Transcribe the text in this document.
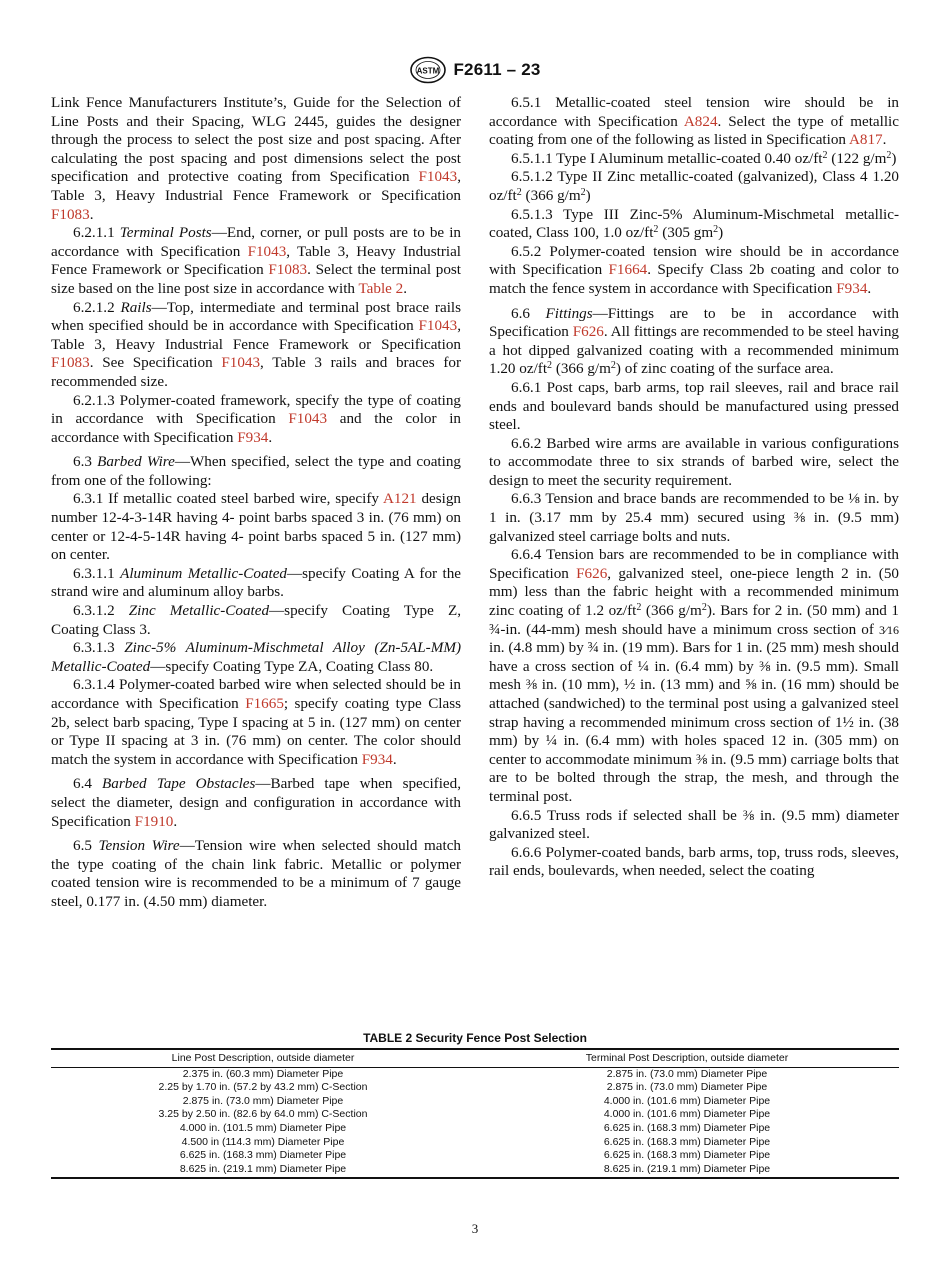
ASTM F2611 – 23

Link Fence Manufacturers Institute’s, Guide for the Selection of Line Posts and their Spacing, WLG 2445, guides the designer through the process to select the post size and post spacing. After calculating the post spacing and post dimensions select the post specification and protective coating from Specification F1043, Table 3, Heavy Industrial Fence Framework or Specification F1083.

6.2.1.1 Terminal Posts—End, corner, or pull posts are to be in accordance with Specification F1043, Table 3, Heavy Industrial Fence Framework or Specification F1083. Select the terminal post size based on the line post size in accordance with Table 2.

6.2.1.2 Rails—Top, intermediate and terminal post brace rails when specified should be in accordance with Specification F1043, Table 3, Heavy Industrial Fence Framework or Specification F1083. See Specification F1043, Table 3 rails and braces for recommended size.

6.2.1.3 Polymer-coated framework, specify the type of coating in accordance with Specification F1043 and the color in accordance with Specification F934.

6.3 Barbed Wire—When specified, select the type and coating from one of the following:

6.3.1 If metallic coated steel barbed wire, specify A121 design number 12-4-3-14R having 4- point barbs spaced 3 in. (76 mm) on center or 12-4-5-14R having 4- point barbs spaced 5 in. (127 mm) on center.

6.3.1.1 Aluminum Metallic-Coated—specify Coating A for the strand wire and aluminum alloy barbs.

6.3.1.2 Zinc Metallic-Coated—specify Coating Type Z, Coating Class 3.

6.3.1.3 Zinc-5% Aluminum-Mischmetal Alloy (Zn-5AL-MM) Metallic-Coated—specify Coating Type ZA, Coating Class 80.

6.3.1.4 Polymer-coated barbed wire when selected should be in accordance with Specification F1665; specify coating type Class 2b, select barb spacing, Type I spacing at 5 in. (127 mm) on center or Type II spacing at 3 in. (76 mm) on center. The color should match the system in accordance with Specification F934.

6.4 Barbed Tape Obstacles—Barbed tape when specified, select the diameter, design and configuration in accordance with Specification F1910.

6.5 Tension Wire—Tension wire when selected should match the type coating of the chain link fabric. Metallic or polymer coated tension wire is recommended to be a minimum of 7 gauge steel, 0.177 in. (4.50 mm) diameter.

6.5.1 Metallic-coated steel tension wire should be in accordance with Specification A824. Select the type of metallic coating from one of the following as listed in Specification A817.

6.5.1.1 Type I Aluminum metallic-coated 0.40 $oz/ft^2$ (122 $g/m^2$)

6.5.1.2 Type II Zinc metallic-coated (galvanized), Class 4 1.20 $oz/ft^2$ (366 $g/m^2$)

6.5.1.3 Type III Zinc-5% Aluminum-Mischmetal metallic-coated, Class 100, 1.0 $oz/ft^2$ (305 $gm^2$)

6.5.2 Polymer-coated tension wire should be in accordance with Specification F1664. Specify Class 2b coating and color to match the fence system in accordance with Specification F934.

6.6 Fittings—Fittings are to be in accordance with Specification F626. All fittings are recommended to be steel having a hot dipped galvanized coating with a recommended minimum 1.20 $oz/ft^2$ (366 $g/m^2$) of zinc coating of the surface area.

6.6.1 Post caps, barb arms, top rail sleeves, rail and brace rail ends and boulevard bands should be manufactured using pressed steel.

6.6.2 Barbed wire arms are available in various configurations to accommodate three to six strands of barbed wire, select the design to meet the security requirement.

6.6.3 Tension and brace bands are recommended to be ⅛ in. by 1 in. (3.17 mm by 25.4 mm) secured using ⅜ in. (9.5 mm) galvanized steel carriage bolts and nuts.

6.6.4 Tension bars are recommended to be in compliance with Specification F626, galvanized steel, one-piece length 2 in. (50 mm) less than the fabric height with a recommended minimum zinc coating of 1.2 $oz/ft^2$ (366 $g/m^2$). Bars for 2 in. (50 mm) and 1 ¾-in. (44-mm) mesh should have a minimum cross section of 3⁄16 in. (4.8 mm) by ¾ in. (19 mm). Bars for 1 in. (25 mm) mesh should have a cross section of ¼ in. (6.4 mm) by ⅜ in. (9.5 mm). Small mesh ⅜ in. (10 mm), ½ in. (13 mm) and ⅝ in. (16 mm) should be attached (sandwiched) to the terminal post using a galvanized steel strap having a recommended minimum cross section of 1½ in. (38 mm) by ¼ in. (6.4 mm) with holes spaced 12 in. (305 mm) on center to accommodate minimum ⅜ in. (9.5 mm) carriage bolts that are to be bolted through the strap, the mesh, and through the terminal post.

6.6.5 Truss rods if selected shall be ⅜ in. (9.5 mm) diameter galvanized steel.

6.6.6 Polymer-coated bands, barb arms, top, truss rods, sleeves, rail ends, boulevards, when needed, select the coating

TABLE 2 Security Fence Post Selection
Line Post Description, outside diameter	Terminal Post Description, outside diameter
2.375 in. (60.3 mm) Diameter Pipe	2.875 in. (73.0 mm) Diameter Pipe
2.25 by 1.70 in. (57.2 by 43.2 mm) C-Section	2.875 in. (73.0 mm) Diameter Pipe
2.875 in. (73.0 mm) Diameter Pipe	4.000 in. (101.6 mm) Diameter Pipe
3.25 by 2.50 in. (82.6 by 64.0 mm) C-Section	4.000 in. (101.6 mm) Diameter Pipe
4.000 in. (101.5 mm) Diameter Pipe	6.625 in. (168.3 mm) Diameter Pipe
4.500 in (114.3 mm) Diameter Pipe	6.625 in. (168.3 mm) Diameter Pipe
6.625 in. (168.3 mm) Diameter Pipe	6.625 in. (168.3 mm) Diameter Pipe
8.625 in. (219.1 mm) Diameter Pipe	8.625 in. (219.1 mm) Diameter Pipe
3
